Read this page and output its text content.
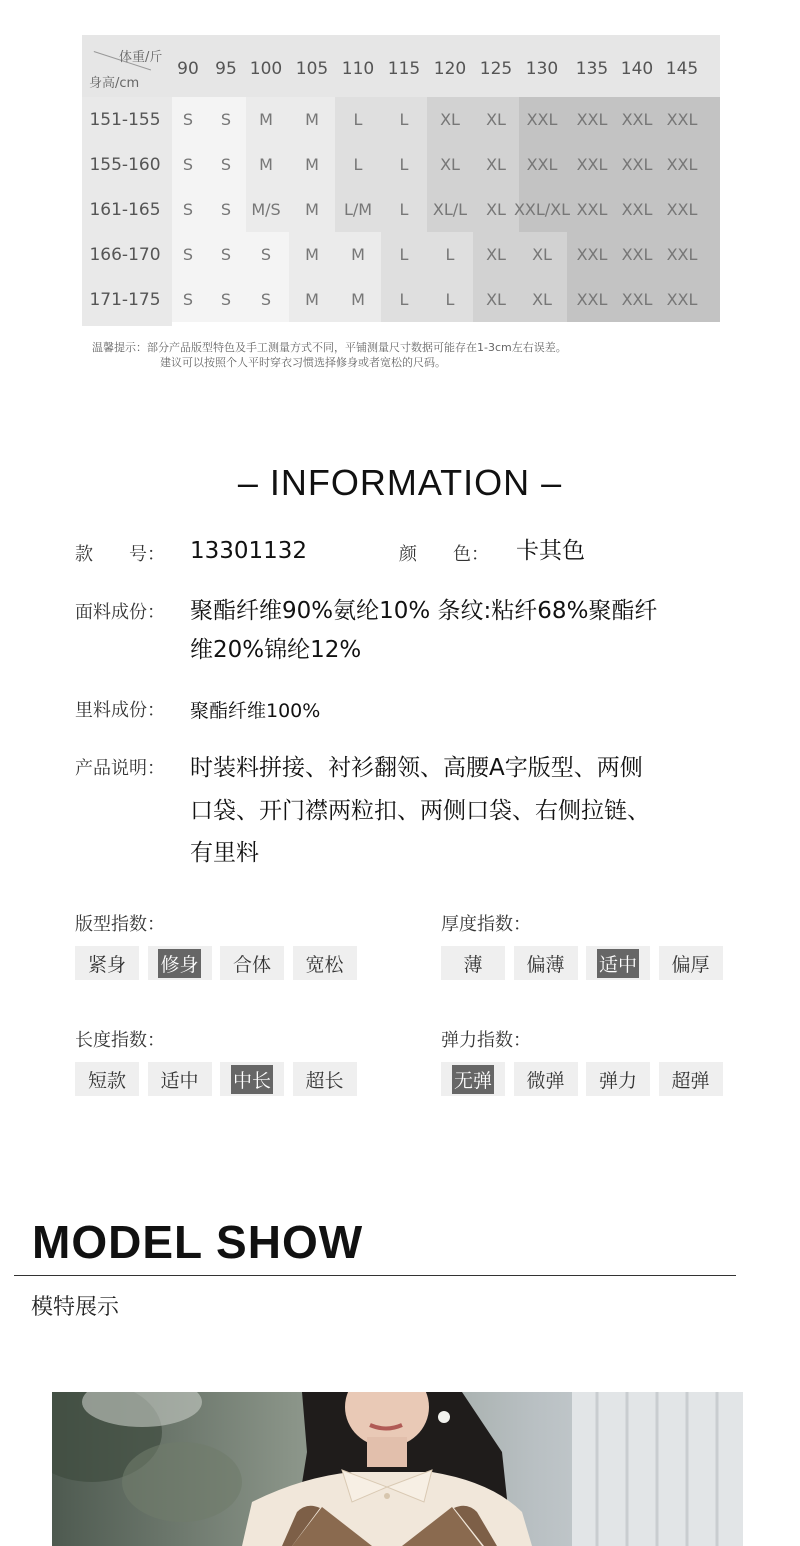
体重/斤
身高/cm
90 95 100 105 110 115 120 125 130	135 140 145
151-155	S	S	M	M	L	L	XL	XL	XXL	XXL XXL XXL
155-160	S	S	M	M	L	L	XL	XL	XXL	XXL XXL XXL
161-165	S	S	M/S	M	L/M	L	XL/L	XL XXL/XL XXL XXL XXL
166-170	S	S	S	M	M	L	L	XL	XL	XXL XXL XXL
171-175	S	S	S	M	M	L	L	XL	XL	XXL XXL XXL
温馨提示：部分产品版型特色及手工测量方式不同，平铺测量尺寸数据可能存在1-3cm左右误差。
建议可以按照个人平时穿衣习惯选择修身或者宽松的尺码。
– INFORMATION –
款　　号： 13301132	颜　　色： 卡其色
面料成份： 聚酯纤维90%氨纶10% 条纹:粘纤68%聚酯纤
维20%锦纶12%
里料成份： 聚酯纤维100%
产品说明： 时装料拼接、衬衫翻领、高腰A字版型、两侧
口袋、开门襟两粒扣、两侧口袋、右侧拉链、
有里料
版型指数：	厚度指数：
长度指数：	弹力指数：
紧身 修身 合体 宽松	薄 偏薄 适中 偏厚
短款 适中 中长 超长	无弹 微弹 弹力 超弹
MODEL SHOW
模特展示
